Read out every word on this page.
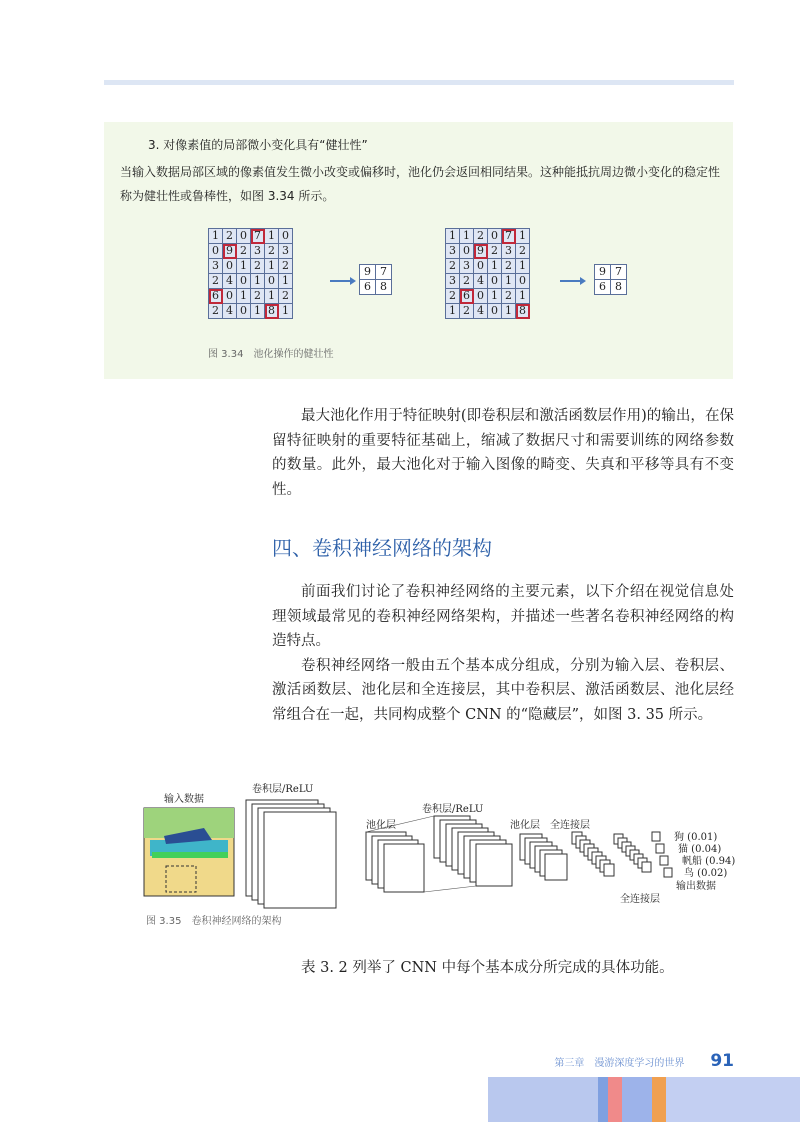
3. 对像素值的局部微小变化具有“健壮性”
当输入数据局部区域的像素值发生微小改变或偏移时，池化仍会返回相同结果。这种能抵抗周边微小变化的稳定性称为健壮性或鲁棒性，如图 3.34 所示。
1	2	0	7	1	0
0	9	2	3	2	3
3	0	1	2	1	2
2	4	0	1	0	1
6	0	1	2	1	2
2	4	0	1	8	1
9	7
6	8
1	1	2	0	7	1
3	0	9	2	3	2
2	3	0	1	2	1
3	2	4	0	1	0
2	6	0	1	2	1
1	2	4	0	1	8
9	7
6	8
图 3.34　池化操作的健壮性

最大池化作用于特征映射(即卷积层和激活函数层作用)的输出，在保留特征映射的重要特征基础上，缩减了数据尺寸和需要训练的网络参数的数量。此外，最大池化对于输入图像的畸变、失真和平移等具有不变性。

四、卷积神经网络的架构

前面我们讨论了卷积神经网络的主要元素，以下介绍在视觉信息处理领域最常见的卷积神经网络架构，并描述一些著名卷积神经网络的构造特点。

卷积神经网络一般由五个基本成分组成，分别为输入层、卷积层、激活函数层、池化层和全连接层，其中卷积层、激活函数层、池化层经常组合在一起，共同构成整个 CNN 的“隐藏层”，如图 3. 35 所示。

输入数据
卷积层/ReLU
池化层
卷积层/ReLU
池化层 全连接层
全连接层
狗 (0.01)
猫 (0.04)
帆船 (0.94)
鸟 (0.02)
输出数据
图 3.35　卷积神经网络的架构

表 3. 2 列举了 CNN 中每个基本成分所完成的具体功能。

第三章　漫游深度学习的世界 91
